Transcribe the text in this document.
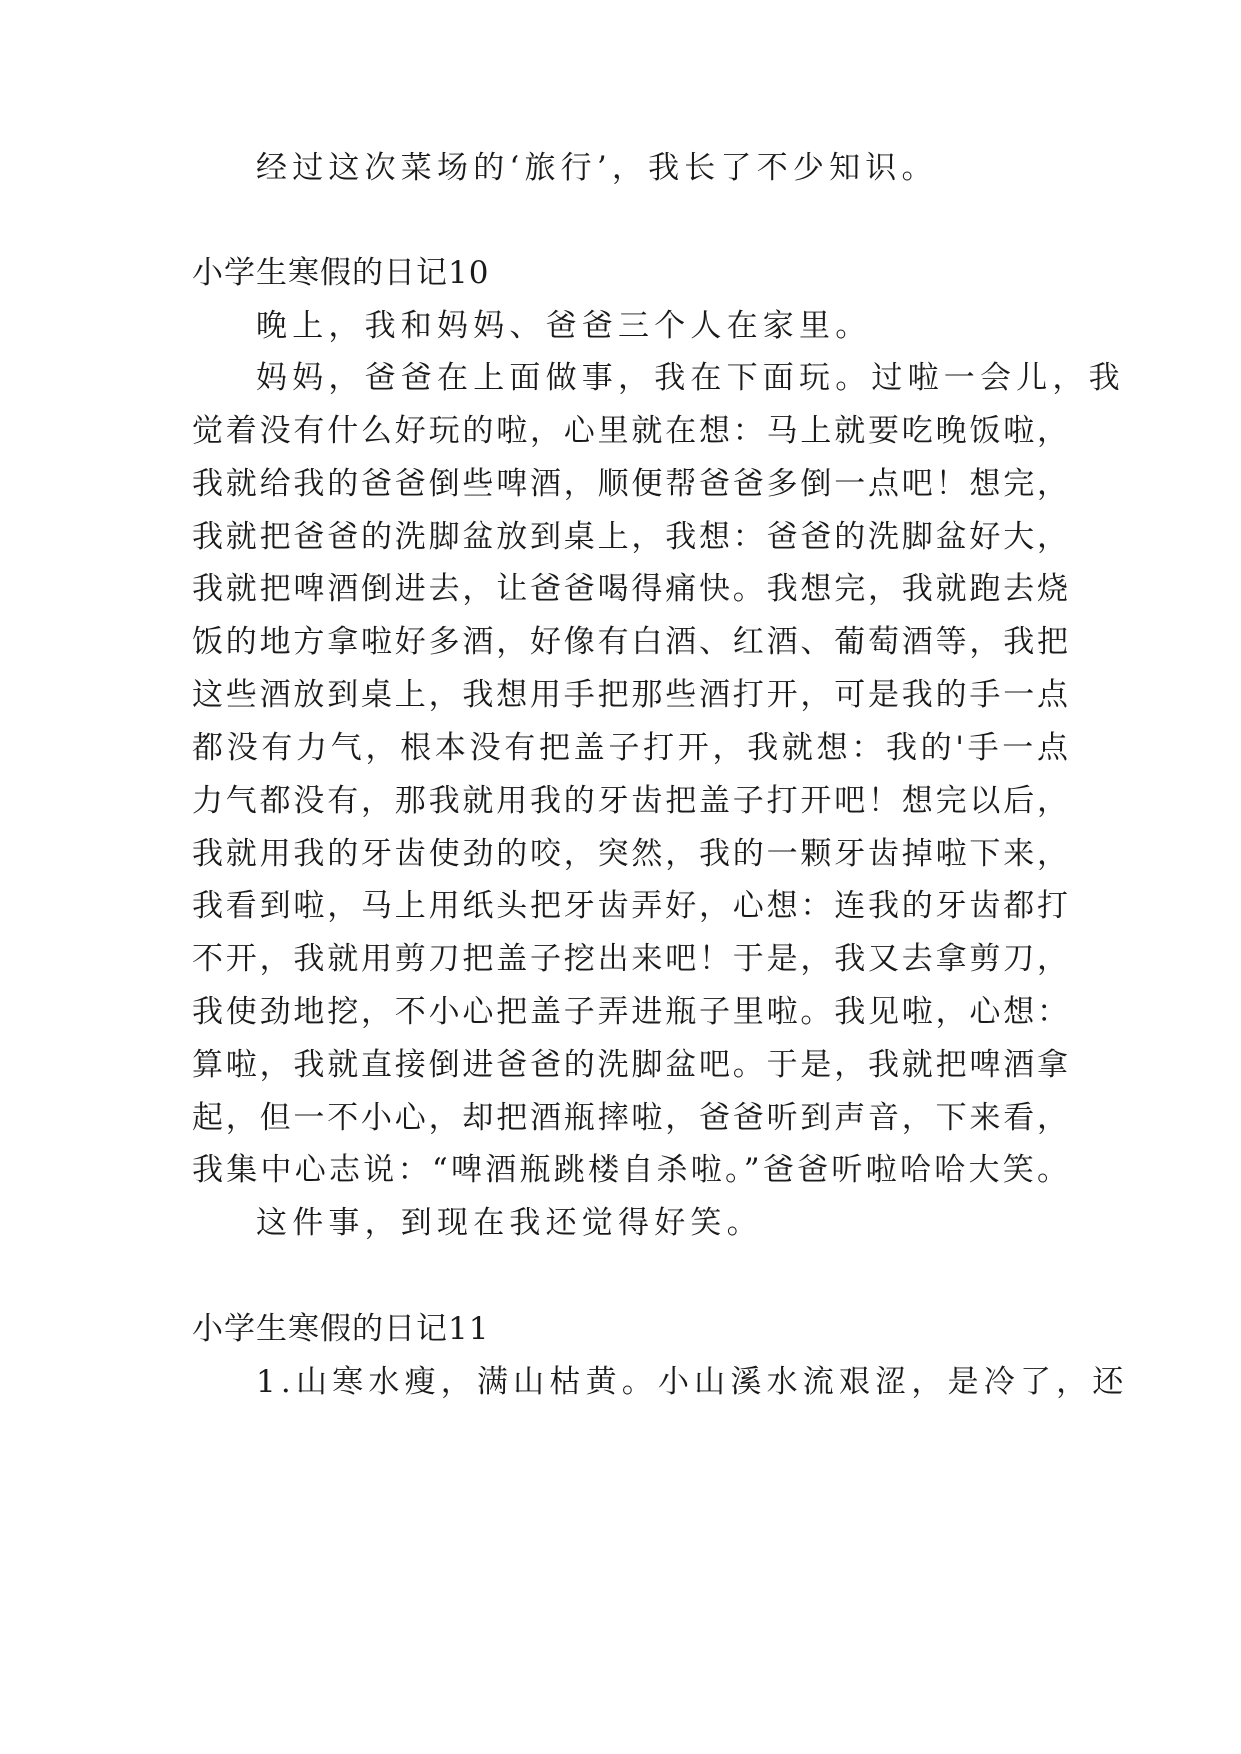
经过这次菜场的‘旅行’，我长了不少知识。
小学生寒假的日记10
晚上，我和妈妈、爸爸三个人在家里。
妈妈，爸爸在上面做事，我在下面玩。过啦一会儿，我
觉着没有什么好玩的啦，心里就在想：马上就要吃晚饭啦，
我就给我的爸爸倒些啤酒，顺便帮爸爸多倒一点吧！想完，
我就把爸爸的洗脚盆放到桌上，我想：爸爸的洗脚盆好大，
我就把啤酒倒进去，让爸爸喝得痛快。我想完，我就跑去烧
饭的地方拿啦好多酒，好像有白酒、红酒、葡萄酒等，我把
这些酒放到桌上，我想用手把那些酒打开，可是我的手一点
都没有力气，根本没有把盖子打开，我就想：我的'手一点
力气都没有，那我就用我的牙齿把盖子打开吧！想完以后，
我就用我的牙齿使劲的咬，突然，我的一颗牙齿掉啦下来，
我看到啦，马上用纸头把牙齿弄好，心想：连我的牙齿都打
不开，我就用剪刀把盖子挖出来吧！于是，我又去拿剪刀，
我使劲地挖，不小心把盖子弄进瓶子里啦。我见啦，心想：
算啦，我就直接倒进爸爸的洗脚盆吧。于是，我就把啤酒拿
起，但一不小心，却把酒瓶摔啦，爸爸听到声音，下来看，
我集中心志说：“啤酒瓶跳楼自杀啦。”爸爸听啦哈哈大笑。
这件事，到现在我还觉得好笑。
小学生寒假的日记11
1.山寒水瘦，满山枯黄。小山溪水流艰涩，是冷了，还
